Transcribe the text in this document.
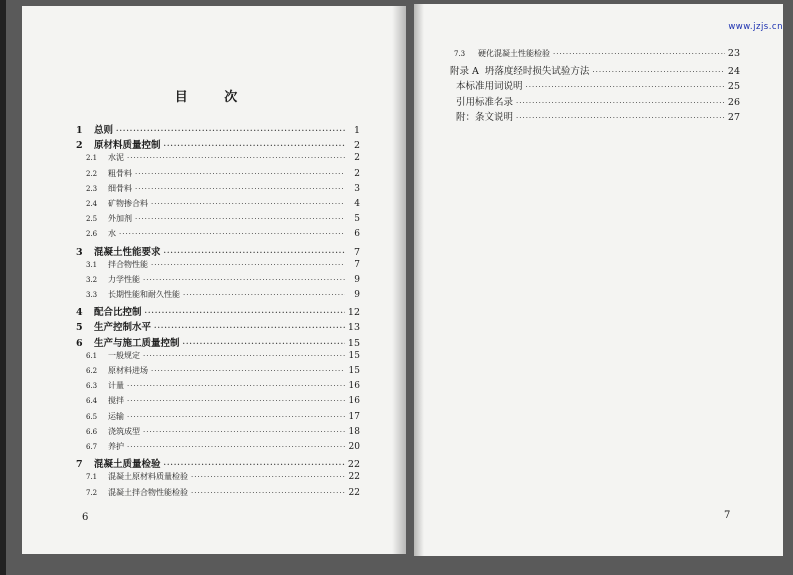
目 次
1	总则 ·····	1
2	原材料质量控制 ·····	2
2.1	水泥 ·····	2
2.2	粗骨料 ·····	2
2.3	细骨料 ·····	3
2.4	矿物掺合料 ·····	4
2.5	外加剂 ·····	5
2.6	水 ·····	6
3	混凝土性能要求 ·····	7
3.1	拌合物性能 ·····	7
3.2	力学性能 ·····	9
3.3	长期性能和耐久性能 ·····	9
4	配合比控制 ·····	12
5	生产控制水平 ·····	13
6	生产与施工质量控制 ·····	15
6.1	一般规定 ·····	15
6.2	原材料进场 ·····	15
6.3	计量 ·····	16
6.4	搅拌 ·····	16
6.5	运输 ·····	17
6.6	浇筑成型 ·····	18
6.7	养护 ·····	20
7	混凝土质量检验 ·····	22
7.1	混凝土原材料质量检验 ·····	22
7.2	混凝土拌合物性能检验 ·····	22
6
7.3	硬化混凝土性能检验 ·····	23
附录 A 坍落度经时损失试验方法 ·····	24
本标准用词说明 ·····	25
引用标准名录 ·····	26
附：条文说明 ·····	27
7
www.jzjs.cn
